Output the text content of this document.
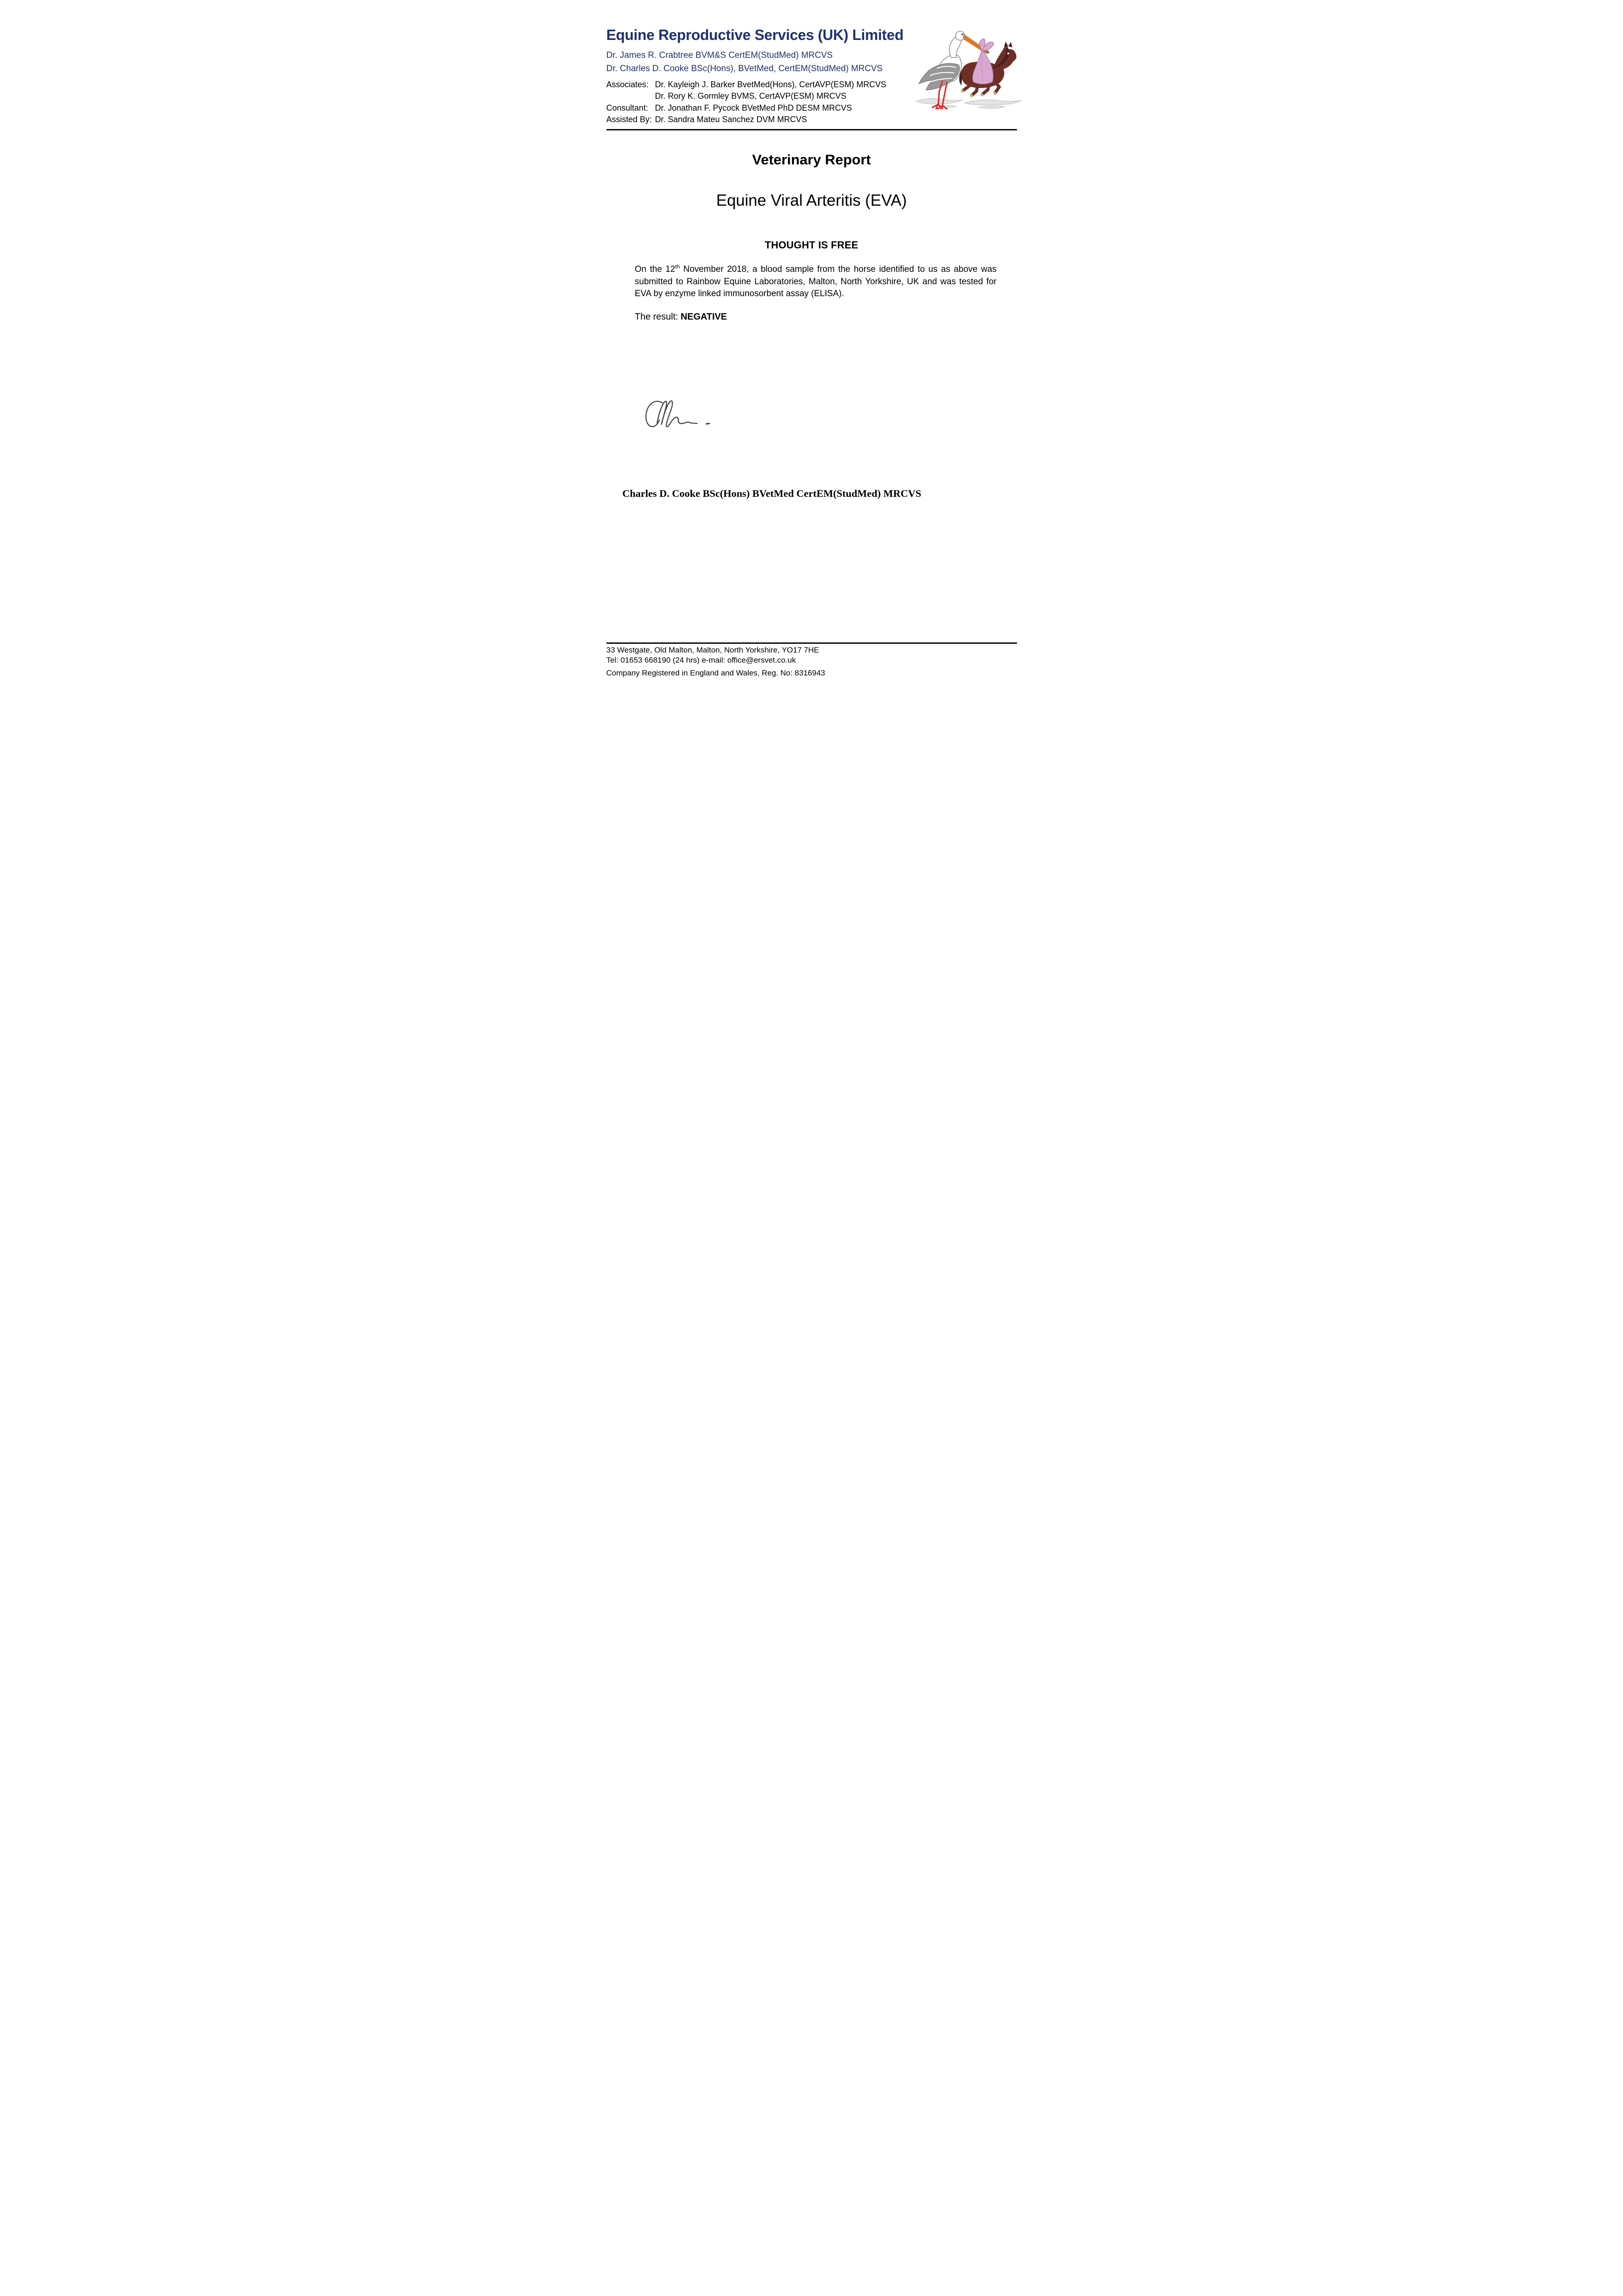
Equine Reproductive Services (UK) Limited
Dr. James R. Crabtree BVM&S CertEM(StudMed) MRCVS
Dr. Charles D. Cooke BSc(Hons), BVetMed, CertEM(StudMed) MRCVS
Associates: Dr. Kayleigh J. Barker BvetMed(Hons), CertAVP(ESM) MRCVS
Dr. Rory K. Gormley BVMS, CertAVP(ESM) MRCVS
Consultant: Dr. Jonathan F. Pycock BVetMed PhD DESM MRCVS
Assisted By: Dr. Sandra Mateu Sanchez DVM MRCVS
Veterinary Report
Equine Viral Arteritis (EVA)
THOUGHT IS FREE

On the 12th November 2018, a blood sample from the horse identified to us as above was
submitted to Rainbow Equine Laboratories, Malton, North Yorkshire, UK and was tested for
EVA by enzyme linked immunosorbent assay (ELISA).

The result: NEGATIVE

Charles D. Cooke BSc(Hons) BVetMed CertEM(StudMed) MRCVS

33 Westgate, Old Malton, Malton, North Yorkshire, YO17 7HE
Tel: 01653 668190 (24 hrs) e-mail: office@ersvet.co.uk
Company Registered in England and Wales, Reg. No: 8316943
